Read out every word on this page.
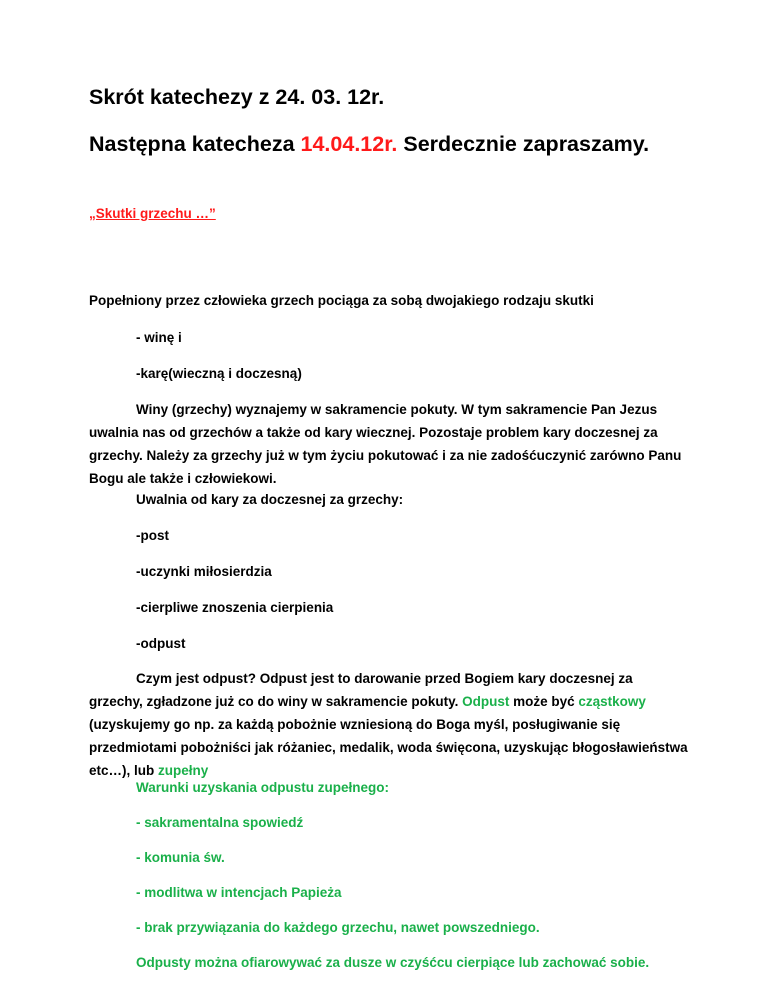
Skrót katechezy z 24. 03. 12r.
Następna katecheza 14.04.12r. Serdecznie zapraszamy.
„Skutki grzechu …”
Popełniony przez człowieka grzech pociąga za sobą dwojakiego rodzaju skutki
- winę i
-karę(wieczną i doczesną)
Winy (grzechy) wyznajemy w sakramencie pokuty. W tym sakramencie Pan Jezus uwalnia nas od grzechów a także od kary wiecznej. Pozostaje problem kary doczesnej za grzechy. Należy za grzechy już w tym życiu pokutować i za nie zadośćuczynić zarówno Panu Bogu ale także i człowiekowi.
Uwalnia od kary za doczesnej za grzechy:
-post
-uczynki miłosierdzia
-cierpliwe znoszenia cierpienia
-odpust
Czym jest odpust? Odpust jest to darowanie przed Bogiem kary doczesnej za grzechy, zgładzone już co do winy w sakramencie pokuty. Odpust może być cząstkowy (uzyskujemy go np. za każdą pobożnie wzniesioną do Boga myśl, posługiwanie się przedmiotami pobożniści jak różaniec, medalik, woda święcona, uzyskując błogosławieństwa etc…), lub zupełny
Warunki uzyskania odpustu zupełnego:
- sakramentalna spowiedź
- komunia św.
- modlitwa w intencjach Papieża
- brak przywiązania do każdego grzechu, nawet powszedniego.
Odpusty można ofiarowywać za dusze w czyśćcu cierpiące lub zachować sobie.
